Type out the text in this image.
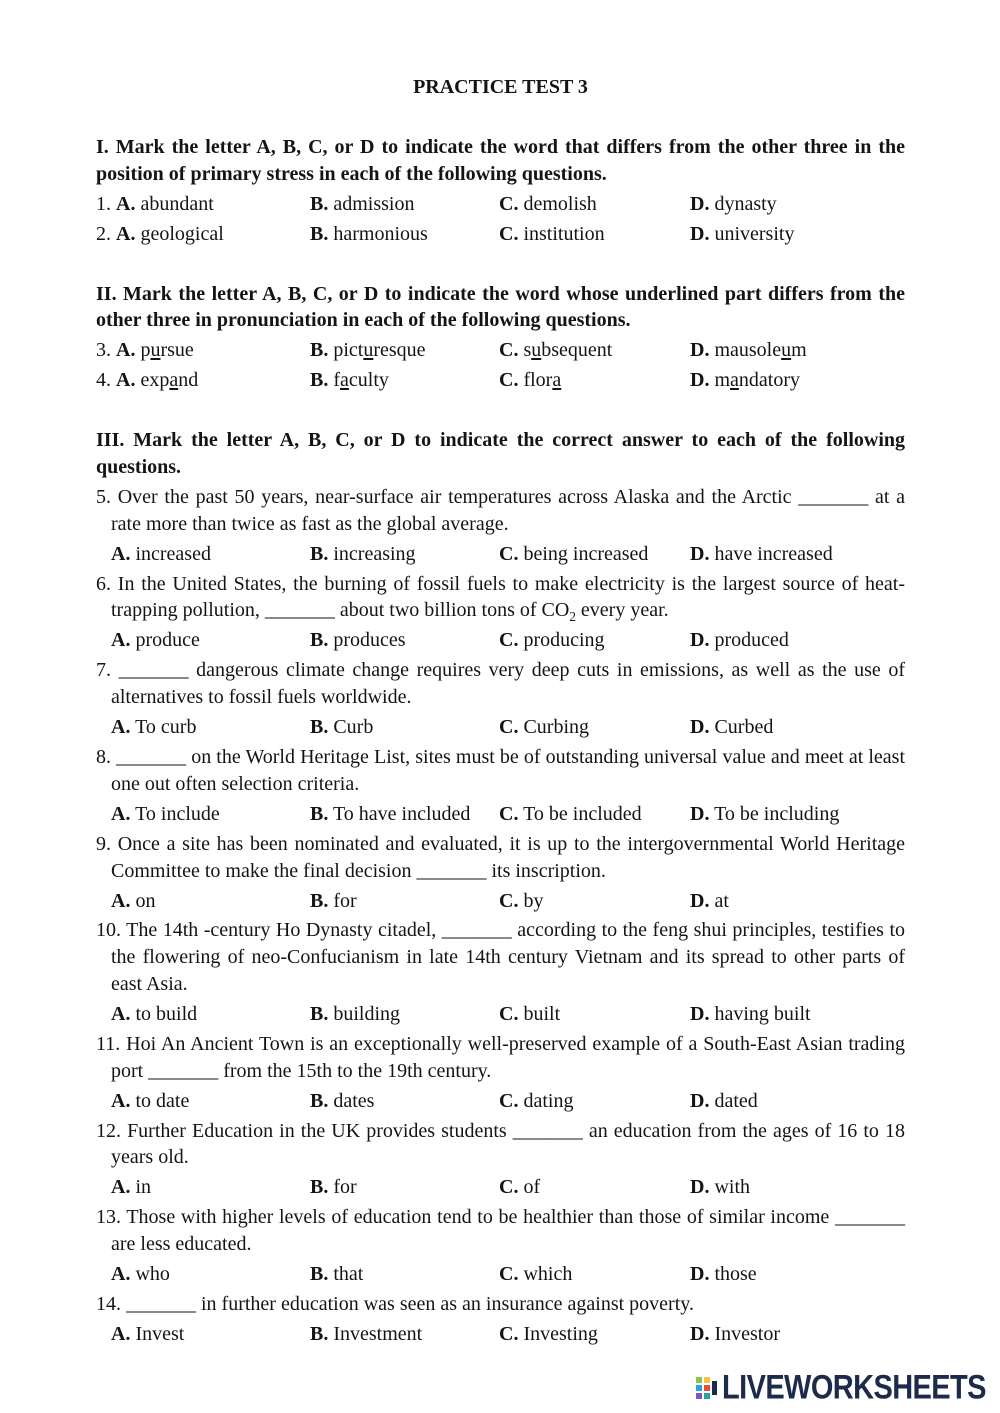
PRACTICE TEST 3

I. Mark the letter A, B, C, or D to indicate the word that differs from the other three in the position of primary stress in each of the following questions.

1. A. abundant	B. admission	C. demolish	D. dynasty
2. A. geological	B. harmonious	C. institution	D. university

II. Mark the letter A, B, C, or D to indicate the word whose underlined part differs from the other three in pronunciation in each of the following questions.

3. A. pursue	B. picturesque	C. subsequent	D. mausoleum
4. A. expand	B. faculty	C. flora	D. mandatory

III. Mark the letter A, B, C, or D to indicate the correct answer to each of the following questions.

5. Over the past 50 years, near-surface air temperatures across Alaska and the Arctic _______ at a rate more than twice as fast as the global average.

A. increased	B. increasing	C. being increased D. have increased

6. In the United States, the burning of fossil fuels to make electricity is the largest source of heat-trapping pollution, _______ about two billion tons of $CO_2$ every year.

A. produce	B. produces	C. producing	D. produced

7. _______ dangerous climate change requires very deep cuts in emissions, as well as the use of alternatives to fossil fuels worldwide.

A. To curb	B. Curb	C. Curbing	D. Curbed

8. _______ on the World Heritage List, sites must be of outstanding universal value and meet at least one out often selection criteria.

A. To include	B. To have included C. To be included D. To be including

9. Once a site has been nominated and evaluated, it is up to the intergovernmental World Heritage Committee to make the final decision _______ its inscription.

A. on	B. for	C. by	D. at

10. The 14th -century Ho Dynasty citadel, _______ according to the feng shui principles, testifies to the flowering of neo-Confucianism in late 14th century Vietnam and its spread to other parts of east Asia.

A. to build	B. building	C. built	D. having built

11. Hoi An Ancient Town is an exceptionally well-preserved example of a South-East Asian trading port _______ from the 15th to the 19th century.

A. to date	B. dates	C. dating	D. dated

12. Further Education in the UK provides students _______ an education from the ages of 16 to 18 years old.

A. in	B. for	C. of	D. with

13. Those with higher levels of education tend to be healthier than those of similar income _______ are less educated.

A. who	B. that	C. which	D. those

14. _______ in further education was seen as an insurance against poverty.

A. Invest	B. Investment	C. Investing	D. Investor
LIVEWORKSHEETS
